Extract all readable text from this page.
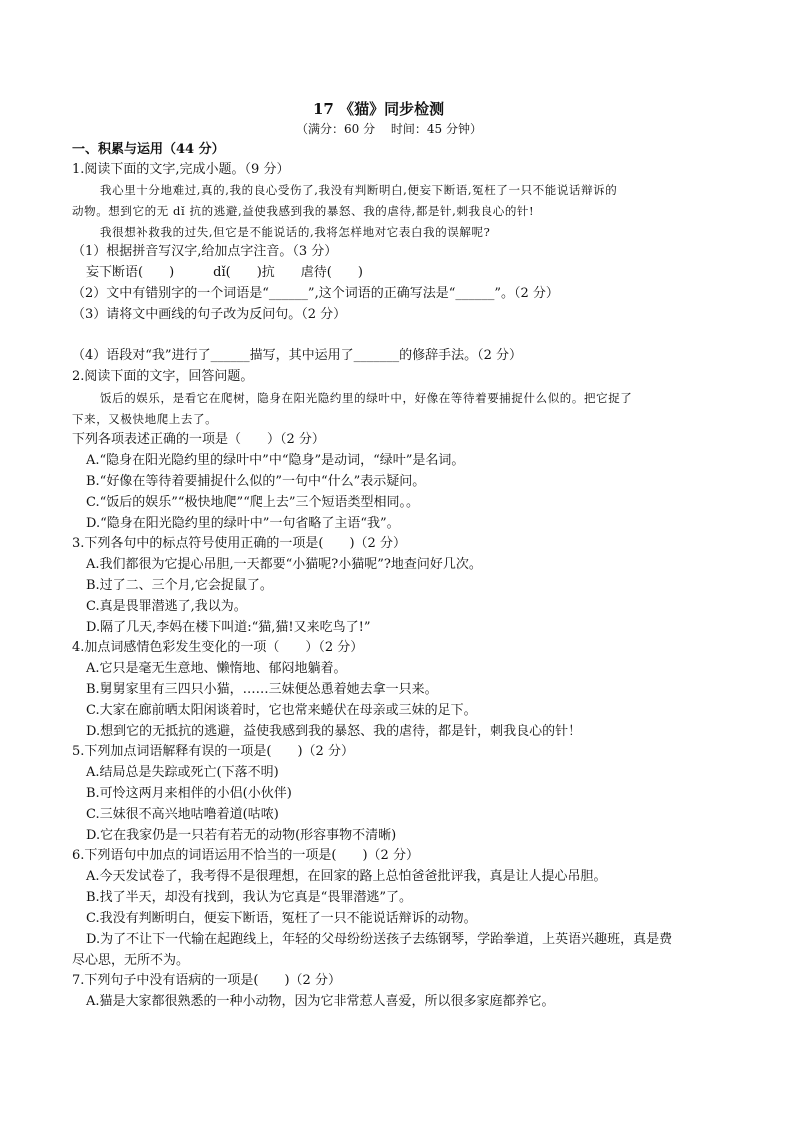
17 《猫》同步检测
（满分：60 分　 时间：45 分钟）
一、积累与运用（44 分）
1.阅读下面的文字,完成小题。（9 分）
我心里十分地难过,真的,我的良心受伤了,我没有判断明白,便妄下断语,冤枉了一只不能说话辩诉的
动物。想到它的无 dǐ 抗的逃避,益使我感到我的暴怒、我的虐待,都是针,刺我良心的针!
我很想补救我的过失,但它是不能说话的,我将怎样地对它表白我的误解呢?
（1）根据拼音写汉字,给加点字注音。（3 分）
妄下断语(　　)　　　dǐ(　　)抗　　虐待(　　)
（2）文中有错别字的一个词语是“______”,这个词语的正确写法是“______”。（2 分）
（3）请将文中画线的句子改为反问句。（2 分）
（4）语段对“我”进行了______描写，其中运用了_______的修辞手法。（2 分）
2.阅读下面的文字，回答问题。
饭后的娱乐，是看它在爬树，隐身在阳光隐约里的绿叶中，好像在等待着要捕捉什么似的。把它捉了
下来，又极快地爬上去了。
下列各项表述正确的一项是（　　）（2 分）
A.“隐身在阳光隐约里的绿叶中”中“隐身”是动词，“绿叶”是名词。
B.“好像在等待着要捕捉什么似的”一句中“什么”表示疑问。
C.“饭后的娱乐”“极快地爬”“爬上去”三个短语类型相同。。
D.“隐身在阳光隐约里的绿叶中”一句省略了主语“我”。
3.下列各句中的标点符号使用正确的一项是(　　)（2 分）
A.我们都很为它提心吊胆,一天都要“小猫呢?小猫呢”?地查问好几次。
B.过了二、三个月,它会捉鼠了。
C.真是畏罪潜逃了,我以为。
D.隔了几天,李妈在楼下叫道:“猫,猫!又来吃鸟了!”
4.加点词感情色彩发生变化的一项（　　）（2 分）
A.它只是毫无生意地、懒惰地、郁闷地躺着。
B.舅舅家里有三四只小猫，……三妹便怂恿着她去拿一只来。
C.大家在廊前晒太阳闲谈着时，它也常来蜷伏在母亲或三妹的足下。
D.想到它的无抵抗的逃避，益使我感到我的暴怒、我的虐待，都是针，刺我良心的针！
5.下列加点词语解释有误的一项是(　　)（2 分）
A.结局总是失踪或死亡(下落不明)
B.可怜这两月来相伴的小侣(小伙伴)
C.三妹很不高兴地咕噜着道(咕哝)
D.它在我家仍是一只若有若无的动物(形容事物不清晰)
6.下列语句中加点的词语运用不恰当的一项是(　　)（2 分）
A.今天发试卷了，我考得不是很理想，在回家的路上总怕爸爸批评我，真是让人提心吊胆。
B.找了半天，却没有找到，我认为它真是“畏罪潜逃”了。
C.我没有判断明白，便妄下断语，冤枉了一只不能说话辩诉的动物。
D.为了不让下一代输在起跑线上，年轻的父母纷纷送孩子去练钢琴，学跆拳道，上英语兴趣班，真是费
尽心思，无所不为。
7.下列句子中没有语病的一项是(　　)（2 分）
A.猫是大家都很熟悉的一种小动物，因为它非常惹人喜爱，所以很多家庭都养它。
